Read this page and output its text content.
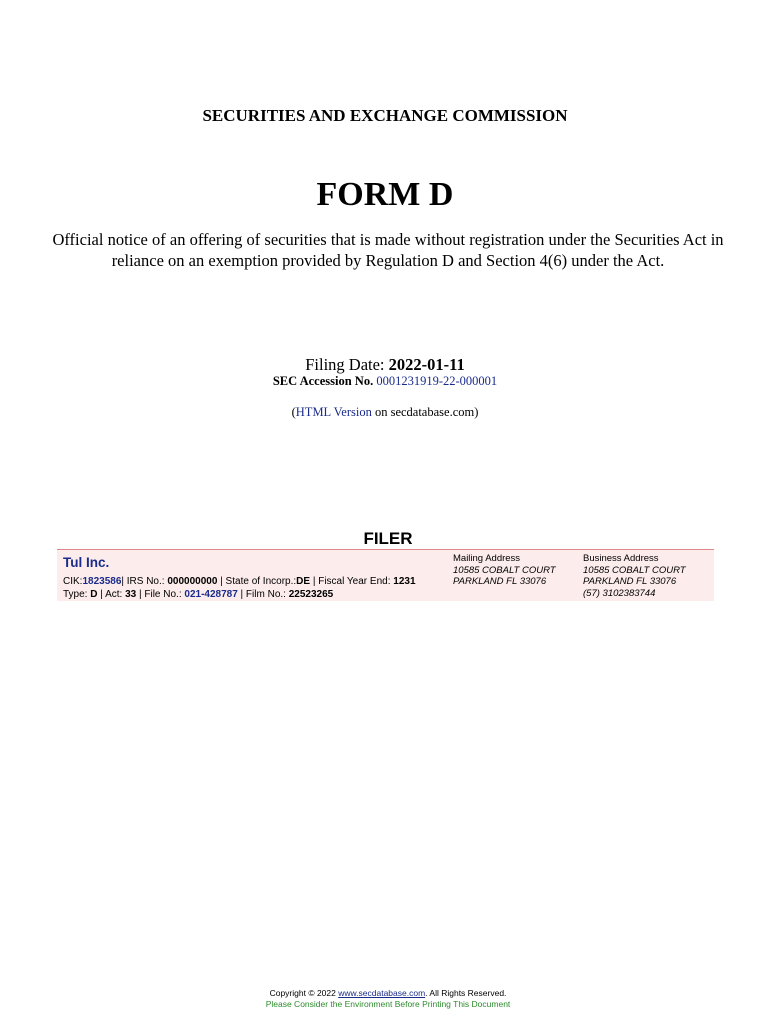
SECURITIES AND EXCHANGE COMMISSION
FORM D
Official notice of an offering of securities that is made without registration under the Securities Act in reliance on an exemption provided by Regulation D and Section 4(6) under the Act.
Filing Date: 2022-01-11
SEC Accession No. 0001231919-22-000001
(HTML Version on secdatabase.com)
FILER
Tul Inc.
CIK:1823586| IRS No.: 000000000 | State of Incorp.:DE | Fiscal Year End: 1231
Type: D | Act: 33 | File No.: 021-428787 | Film No.: 22523265
Mailing Address
10585 COBALT COURT
PARKLAND FL 33076
Business Address
10585 COBALT COURT
PARKLAND FL 33076
(57) 3102383744
Copyright © 2022 www.secdatabase.com. All Rights Reserved.
Please Consider the Environment Before Printing This Document
